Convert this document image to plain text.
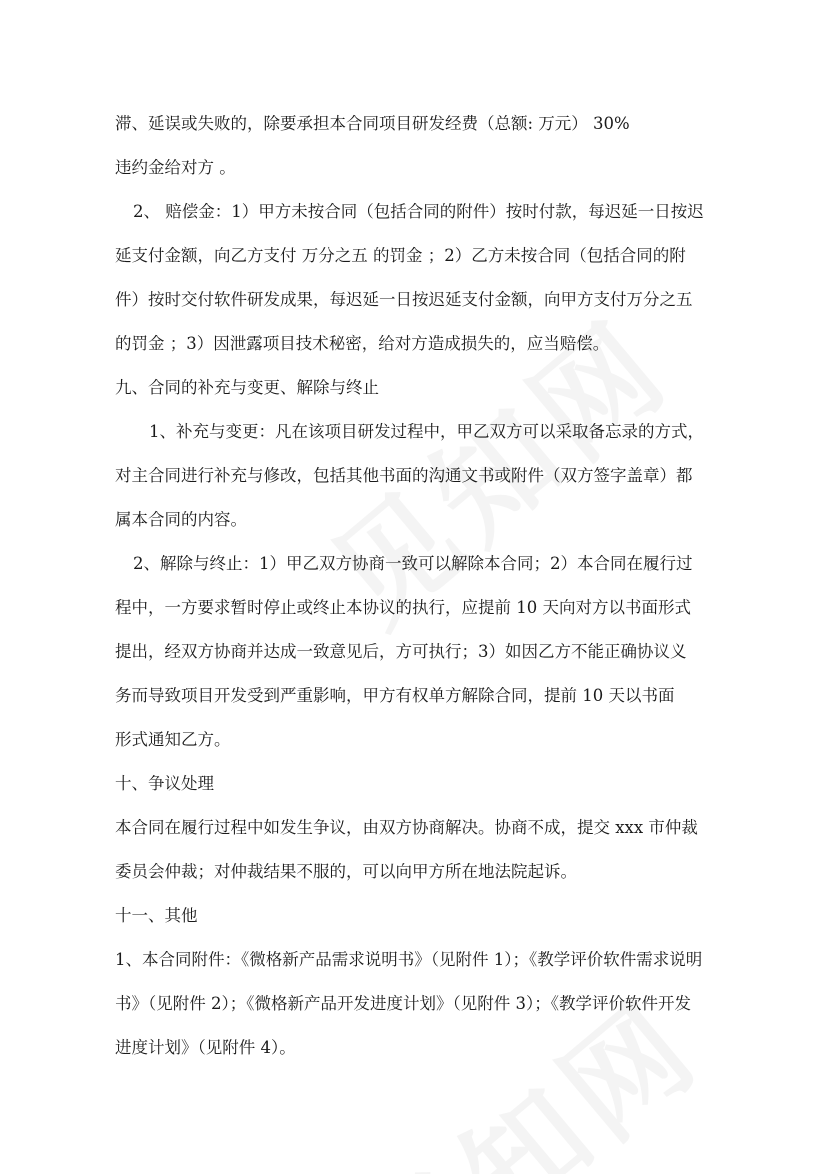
滞、延误或失败的，除要承担本合同项目研发经费（总额: 万元） 30%

违约金给对方 。

2、 赔偿金：1）甲方未按合同（包括合同的附件）按时付款，每迟延一日按迟

延支付金额，向乙方支付 万分之五 的罚金 ；2）乙方未按合同（包括合同的附

件）按时交付软件研发成果，每迟延一日按迟延支付金额，向甲方支付万分之五

的罚金 ；3）因泄露项目技术秘密，给对方造成损失的，应当赔偿。

九、合同的补充与变更、解除与终止

1、补充与变更：凡在该项目研发过程中，甲乙双方可以采取备忘录的方式，

对主合同进行补充与修改，包括其他书面的沟通文书或附件（双方签字盖章）都

属本合同的内容。

2、解除与终止：1）甲乙双方协商一致可以解除本合同；2）本合同在履行过

程中，一方要求暂时停止或终止本协议的执行，应提前 10 天向对方以书面形式

提出，经双方协商并达成一致意见后，方可执行；3）如因乙方不能正确协议义

务而导致项目开发受到严重影响，甲方有权单方解除合同，提前 10 天以书面

形式通知乙方。

十、争议处理

本合同在履行过程中如发生争议，由双方协商解决。协商不成，提交 xxx 市仲裁

委员会仲裁；对仲裁结果不服的，可以向甲方所在地法院起诉。

十一、其他

1、本合同附件：《微格新产品需求说明书》（见附件 1）；《教学评价软件需求说明

书》（见附件 2）；《微格新产品开发进度计划》（见附件 3）；《教学评价软件开发

进度计划》（见附件 4）。
